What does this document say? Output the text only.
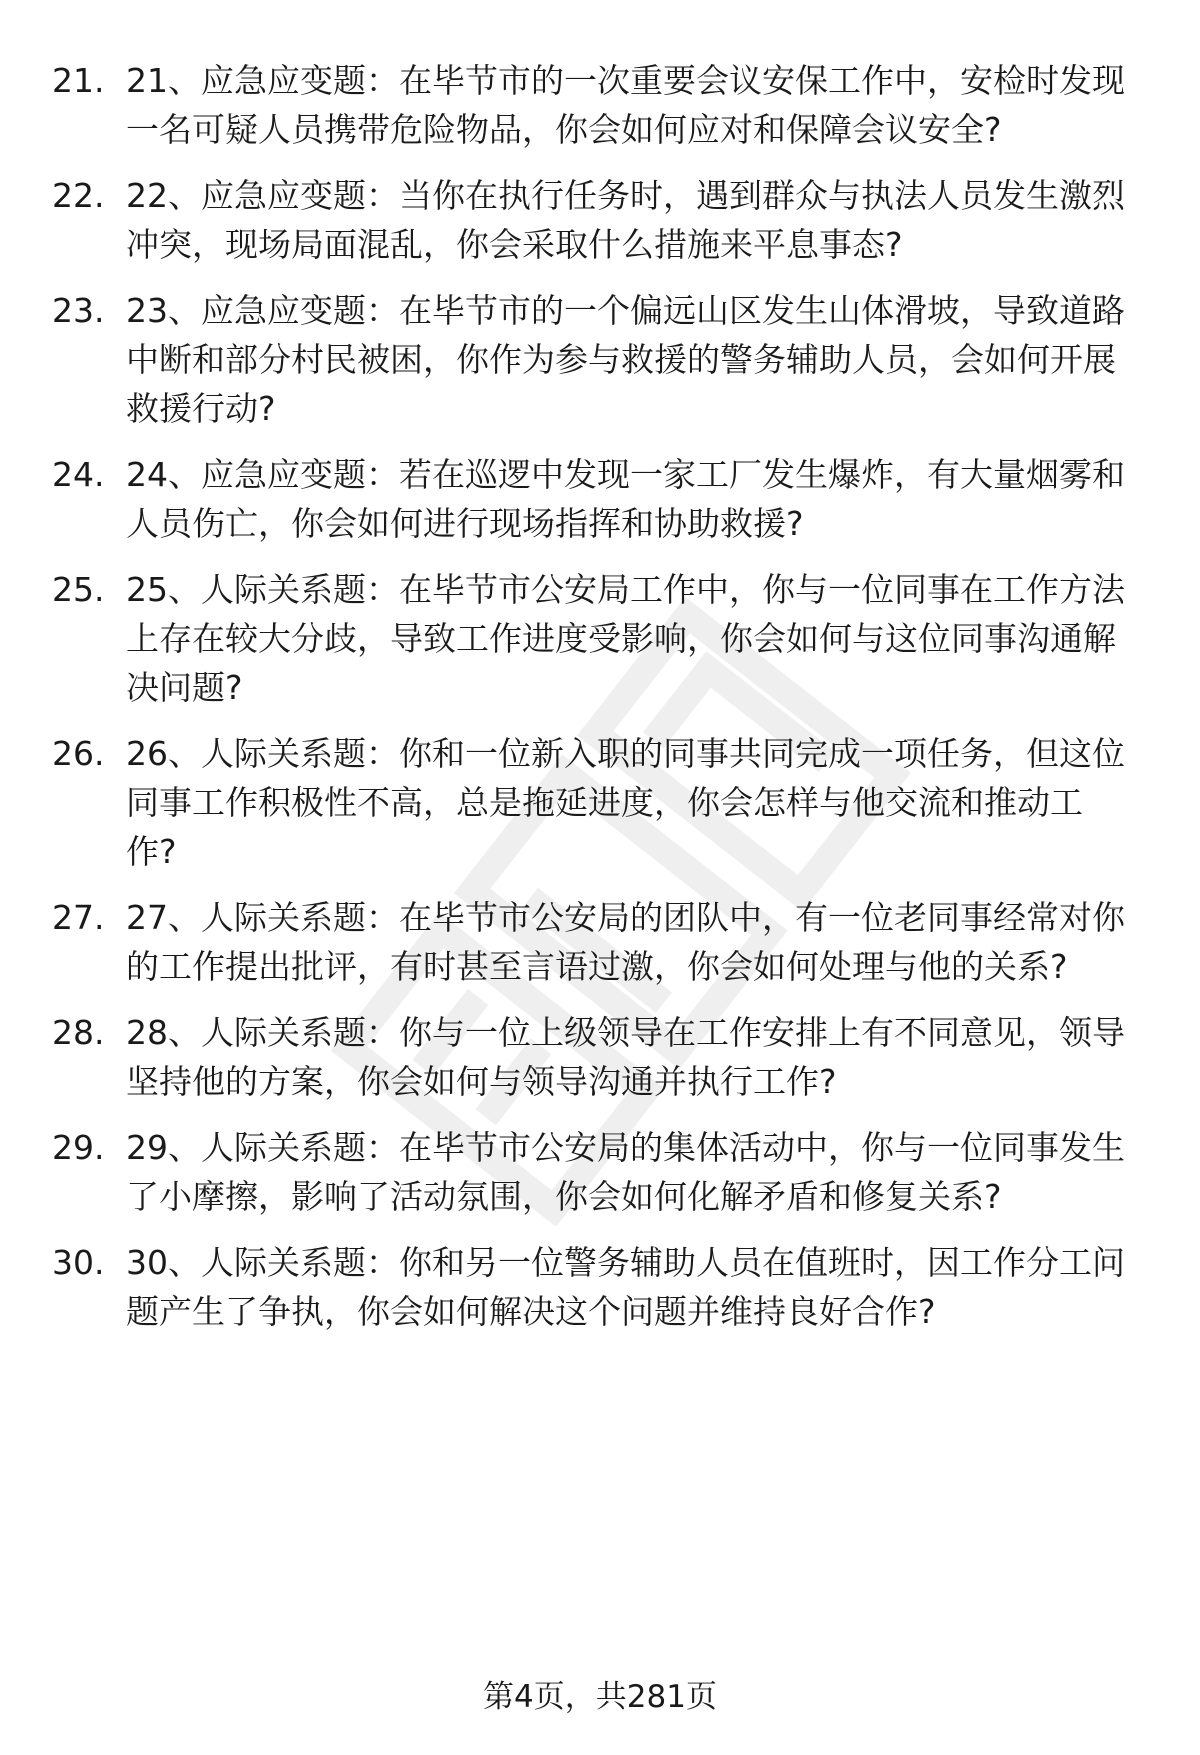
21. 21、应急应变题：在毕节市的一次重要会议安保工作中，安检时发现一名可疑人员携带危险物品，你会如何应对和保障会议安全?
22. 22、应急应变题：当你在执行任务时，遇到群众与执法人员发生激烈冲突，现场局面混乱，你会采取什么措施来平息事态?
23. 23、应急应变题：在毕节市的一个偏远山区发生山体滑坡，导致道路中断和部分村民被困，你作为参与救援的警务辅助人员，会如何开展救援行动?
24. 24、应急应变题：若在巡逻中发现一家工厂发生爆炸，有大量烟雾和人员伤亡，你会如何进行现场指挥和协助救援?
25. 25、人际关系题：在毕节市公安局工作中，你与一位同事在工作方法上存在较大分歧，导致工作进度受影响，你会如何与这位同事沟通解决问题?
26. 26、人际关系题：你和一位新入职的同事共同完成一项任务，但这位同事工作积极性不高，总是拖延进度，你会怎样与他交流和推动工作?
27. 27、人际关系题：在毕节市公安局的团队中，有一位老同事经常对你的工作提出批评，有时甚至言语过激，你会如何处理与他的关系?
28. 28、人际关系题：你与一位上级领导在工作安排上有不同意见，领导坚持他的方案，你会如何与领导沟通并执行工作?
29. 29、人际关系题：在毕节市公安局的集体活动中，你与一位同事发生了小摩擦，影响了活动氛围，你会如何化解矛盾和修复关系?
30. 30、人际关系题：你和另一位警务辅助人员在值班时，因工作分工问题产生了争执，你会如何解决这个问题并维持良好合作?
第4页，共281页
